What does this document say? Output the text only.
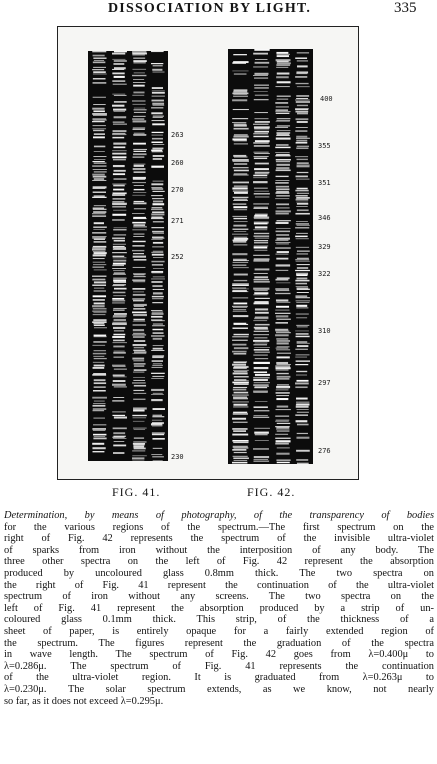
DISSOCIATION BY LIGHT.	335
263
260
270
271
252
230
400
355
351
346
329
322
310
297
276
FIG. 41.	FIG. 42.
Determination, by means of photography, of the transparency of bodies
for the various regions of the spectrum.—The first spectrum on the
right of Fig. 42 represents the spectrum of the invisible ultra-violet
of sparks from iron without the interposition of any body. The
three other spectra on the left of Fig. 42 represent the absorption
produced by uncoloured glass 0.8mm thick. The two spectra on
the right of Fig. 41 represent the continuation of the ultra-violet
spectrum of iron without any screens. The two spectra on the
left of Fig. 41 represent the absorption produced by a strip of un-
coloured glass 0.1mm thick. This strip, of the thickness of a
sheet of paper, is entirely opaque for a fairly extended region of
the spectrum. The figures represent the graduation of the spectra
in wave length. The spectrum of Fig. 42 goes from λ=0.400μ to
λ=0.286μ. The spectrum of Fig. 41 represents the continuation
of the ultra-violet region. It is graduated from λ=0.263μ to
λ=0.230μ. The solar spectrum extends, as we know, not nearly
so far, as it does not exceed λ=0.295μ.
